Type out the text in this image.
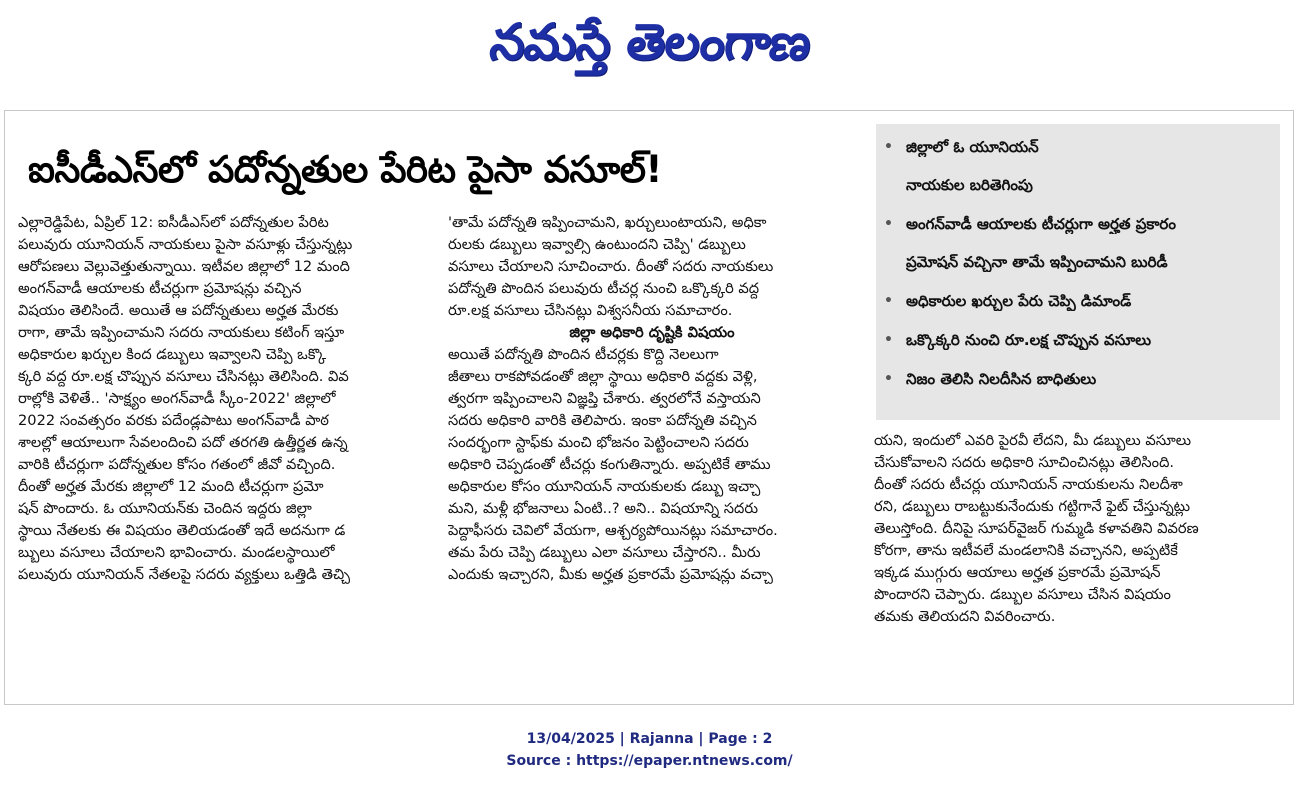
నమస్తే తెలంగాణ
ఐసీడీఎస్‌లో పదోన్నతుల పేరిట పైసా వసూల్‌!

ఎల్లారెడ్డిపేట, ఏప్రిల్‌ 12: ఐసీడీఎస్‌లో పదోన్నతుల పేరిట

పలువురు యూనియన్‌ నాయకులు పైసా వసూళ్లు చేస్తున్నట్లు

ఆరోపణలు వెల్లువెత్తుతున్నాయి. ఇటీవల జిల్లాలో 12 మంది

అంగన్‌వాడీ ఆయాలకు టీచర్లుగా ప్రమోషన్లు వచ్చిన

విషయం తెలిసిందే. అయితే ఆ పదోన్నతులు అర్హత మేరకు

రాగా, తామే ఇప్పించామని సదరు నాయకులు కటింగ్‌ ఇస్తూ

అధికారుల ఖర్చుల కింద డబ్బులు ఇవ్వాలని చెప్పి ఒక్కొ

క్కరి వద్ద రూ.లక్ష చొప్పున వసూలు చేసినట్లు తెలిసింది. వివ

రాల్లోకి వెళితే.. 'సాక్ష్యం అంగన్‌వాడీ స్కీం-2022' జిల్లాలో

2022 సంవత్సరం వరకు పదేండ్లపాటు అంగన్‌వాడీ పాఠ

శాలల్లో ఆయాలుగా సేవలందించి పదో తరగతి ఉత్తీర్ణత ఉన్న

వారికి టీచర్లుగా పదోన్నతుల కోసం గతంలో జీవో వచ్చింది.

దీంతో అర్హత మేరకు జిల్లాలో 12 మంది టీచర్లుగా ప్రమో

షన్‌ పొందారు. ఓ యూనియన్‌కు చెందిన ఇద్దరు జిల్లా

స్థాయి నేతలకు ఈ విషయం తెలియడంతో ఇదే అదనుగా డ

బ్బులు వసూలు చేయాలని భావించారు. మండలస్థాయిలో

పలువురు యూనియన్‌ నేతలపై సదరు వ్యక్తులు ఒత్తిడి తెచ్చి

'తామే పదోన్నతి ఇప్పించామని, ఖర్చులుంటాయని, అధికా

రులకు డబ్బులు ఇవ్వాల్సి ఉంటుందని చెప్పి' డబ్బులు

వసూలు చేయాలని సూచించారు. దీంతో సదరు నాయకులు

పదోన్నతి పొందిన పలువురు టీచర్ల నుంచి ఒక్కొక్కరి వద్ద

రూ.లక్ష వసూలు చేసినట్లు విశ్వసనీయ సమాచారం.

జిల్లా అధికారి దృష్టికి విషయం

అయితే పదోన్నతి పొందిన టీచర్లకు కొద్ది నెలలుగా

జీతాలు రాకపోవడంతో జిల్లా స్థాయి అధికారి వద్దకు వెళ్లి,

త్వరగా ఇప్పించాలని విజ్ఞప్తి చేశారు. త్వరలోనే వస్తాయని

సదరు అధికారి వారికి తెలిపారు. ఇంకా పదోన్నతి వచ్చిన

సందర్భంగా స్టాఫ్‌కు మంచి భోజనం పెట్టించాలని సదరు

అధికారి చెప్పడంతో టీచర్లు కంగుతిన్నారు. అప్పటికే తాము

అధికారుల కోసం యూనియన్‌ నాయకులకు డబ్బు ఇచ్చా

మని, మళ్లీ భోజనాలు ఏంటి..? అని.. విషయాన్ని సదరు

పెద్దాఫీసరు చెవిలో వేయగా, ఆశ్చర్యపోయినట్లు సమాచారం.

తమ పేరు చెప్పి డబ్బులు ఎలా వసూలు చేస్తారని.. మీరు

ఎందుకు ఇచ్చారని, మీకు అర్హత ప్రకారమే ప్రమోషన్లు వచ్చా

• జిల్లాలో ఓ యూనియన్‌
నాయకుల బరితెగింపు
• అంగన్‌వాడీ ఆయాలకు టీచర్లుగా అర్హత ప్రకారం
ప్రమోషన్‌ వచ్చినా తామే ఇప్పించామని బురిడీ
• అధికారుల ఖర్చుల పేరు చెప్పి డిమాండ్‌
• ఒక్కొక్కరి నుంచి రూ.లక్ష చొప్పున వసూలు
• నిజం తెలిసి నిలదీసిన బాధితులు

యని, ఇందులో ఎవరి పైరవీ లేదని, మీ డబ్బులు వసూలు

చేసుకోవాలని సదరు అధికారి సూచించినట్లు తెలిసింది.

దీంతో సదరు టీచర్లు యూనియన్‌ నాయకులను నిలదీశా

రని, డబ్బులు రాబట్టుకునేందుకు గట్టిగానే ఫైట్‌ చేస్తున్నట్లు

తెలుస్తోంది. దీనిపై సూపర్‌వైజర్‌ గుమ్మడి కళావతిని వివరణ

కోరగా, తాను ఇటీవలే మండలానికి వచ్చానని, అప్పటికే

ఇక్కడ ముగ్గురు ఆయాలు అర్హత ప్రకారమే ప్రమోషన్‌

పొందారని చెప్పారు. డబ్బుల వసూలు చేసిన విషయం

తమకు తెలియదని వివరించారు.

13/04/2025 | Rajanna | Page : 2
Source : https://epaper.ntnews.com/
